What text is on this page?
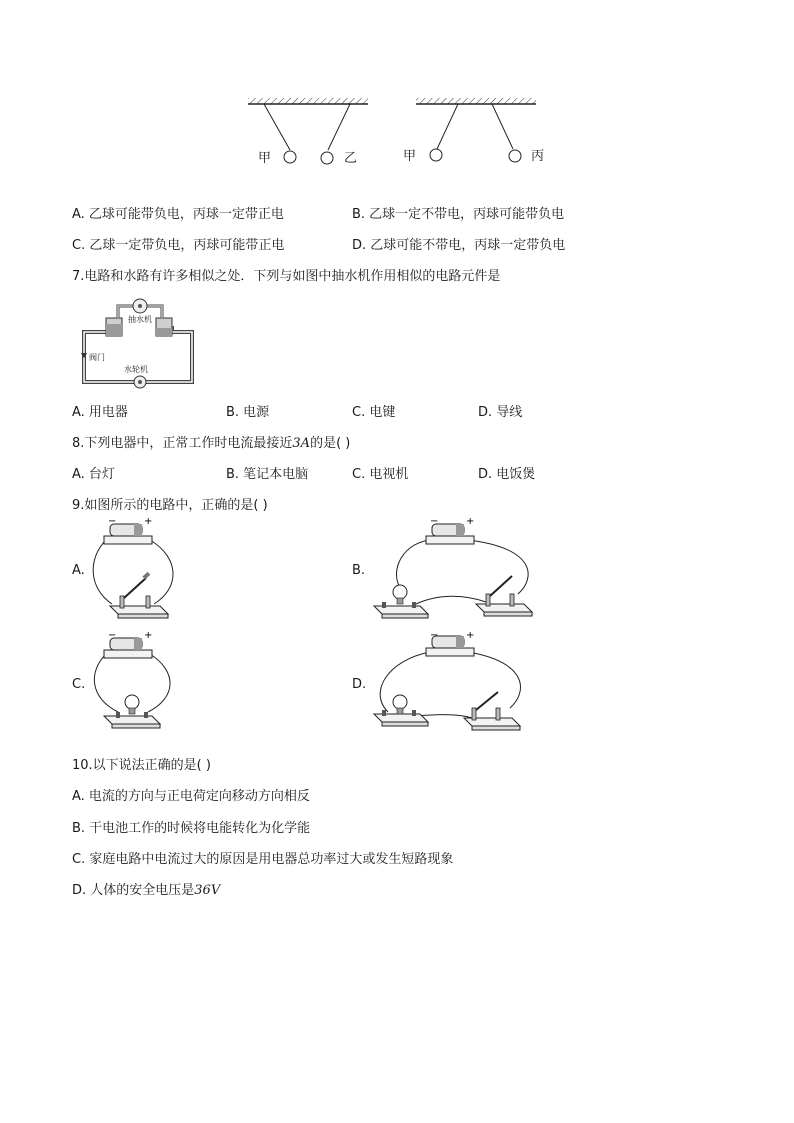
甲	乙	甲	丙
A. 乙球可能带负电，丙球一定带正电	B. 乙球一定不带电，丙球可能带负电
C. 乙球一定带负电，丙球可能带正电	D. 乙球可能不带电，丙球一定带负电
7.电路和水路有许多相似之处．下列与如图中抽水机作用相似的电路元件是
抽水机
阀门
水轮机
A. 用电器	B. 电源	C. 电键	D. 导线
8.下列电器中，正常工作时电流最接近3A的是( )
A. 台灯	B. 笔记本电脑	C. 电视机	D. 电饭煲
9.如图所示的电路中，正确的是( )
A.
−	+
B.
−	+
C.
−	+
D.
−	+
10.以下说法正确的是( )
A. 电流的方向与正电荷定向移动方向相反
B. 干电池工作的时候将电能转化为化学能
C. 家庭电路中电流过大的原因是用电器总功率过大或发生短路现象
D. 人体的安全电压是36V
